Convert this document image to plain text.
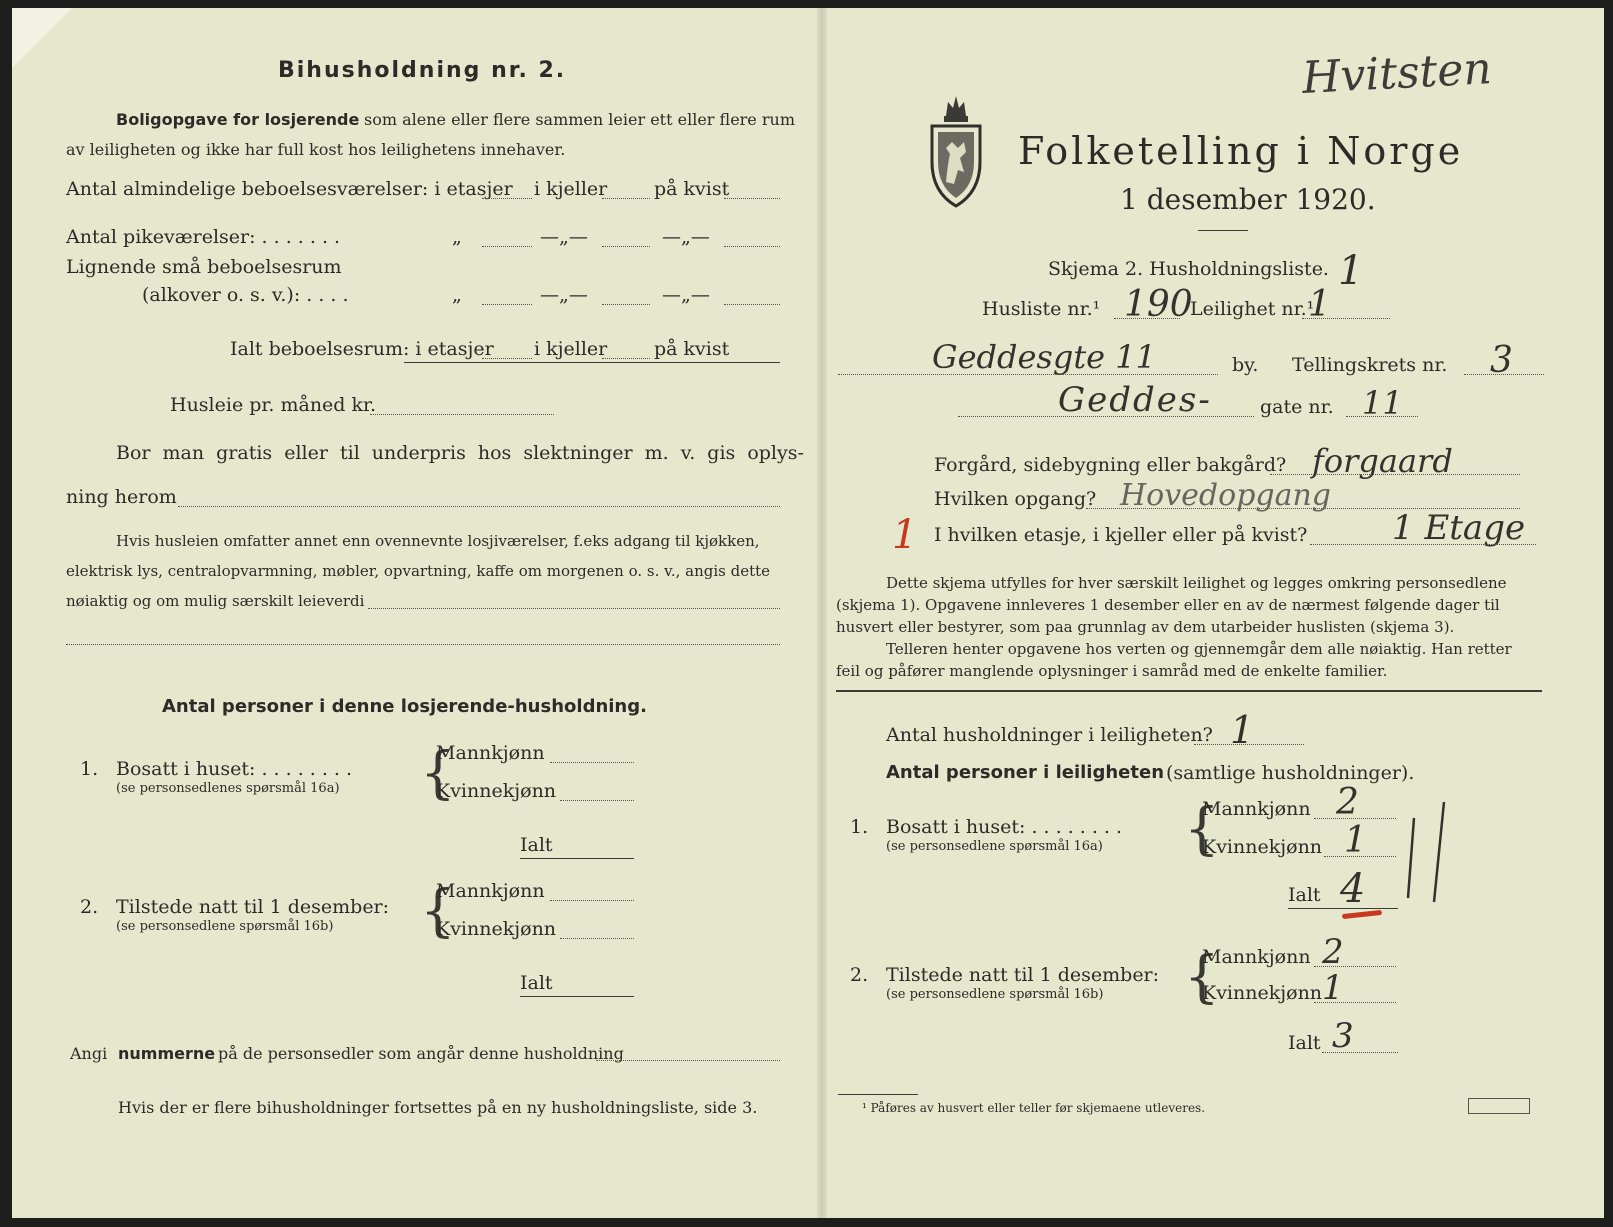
Bihusholdning nr. 2.
Boligopgave for losjerende som alene eller flere sammen leier ett eller flere rum
av leiligheten og ikke har full kost hos leilighetens innehaver.
Antal almindelige beboelsesværelser: i etasjer i kjeller på kvist
Antal pikeværelser: . . . . . . .	„	—„—	—„—
Lignende små beboelsesrum
(alkover o. s. v.): . . . .	„	—„—	—„—
Ialt beboelsesrum: i etasjer i kjeller på kvist
Husleie pr. måned kr.
Bor man gratis eller til underpris hos slektninger m. v. gis oplys-
ning herom
Hvis husleien omfatter annet enn ovennevnte losjiværelser, f.eks adgang til kjøkken,
elektrisk lys, centralopvarmning, møbler, opvartning, kaffe om morgenen o. s. v., angis dette
nøiaktig og om mulig særskilt leieverdi
Antal personer i denne losjerende-husholdning.
1. Bosatt i huset: . . . . . . . .
(se personsedlenes spørsmål 16a) {
Mannkjønn
Kvinnekjønn
Ialt
2. Tilstede natt til 1 desember:
(se personsedlene spørsmål 16b) {
Mannkjønn
Kvinnekjønn
Ialt
Angi nummerne på de personsedler som angår denne husholdning
Hvis der er flere bihusholdninger fortsettes på en ny husholdningsliste, side 3.
Hvitsten
Folketelling i Norge
1 desember 1920.
Skjema 2. Husholdningsliste. 1
Husliste nr.¹ 190
Leilighet nr.¹
1
Geddesgte 11	by. Tellingskrets nr. 3
Geddes-	gate nr. 11
Forgård, sidebygning eller bakgård? forgaard
Hvilken opgang? Hovedopgang
1 I hvilken etasje, i kjeller eller på kvist? 1 Etage
Dette skjema utfylles for hver særskilt leilighet og legges omkring personsedlene
(skjema 1). Opgavene innleveres 1 desember eller en av de nærmest følgende dager til
husvert eller bestyrer, som paa grunnlag av dem utarbeider huslisten (skjema 3).
Telleren henter opgavene hos verten og gjennemgår dem alle nøiaktig. Han retter
feil og påfører manglende oplysninger i samråd med de enkelte familier.
Antal husholdninger i leiligheten? 1
Antal personer i leiligheten (samtlige husholdninger).
1. Bosatt i huset: . . . . . . . .
(se personsedlene spørsmål 16a) {
Mannkjønn 2
Kvinnekjønn 1
Ialt 4
2. Tilstede natt til 1 desember:
(se personsedlene spørsmål 16b) {
Mannkjønn 2
Kvinnekjønn 1
Ialt 3
¹ Påføres av husvert eller teller før skjemaene utleveres.
